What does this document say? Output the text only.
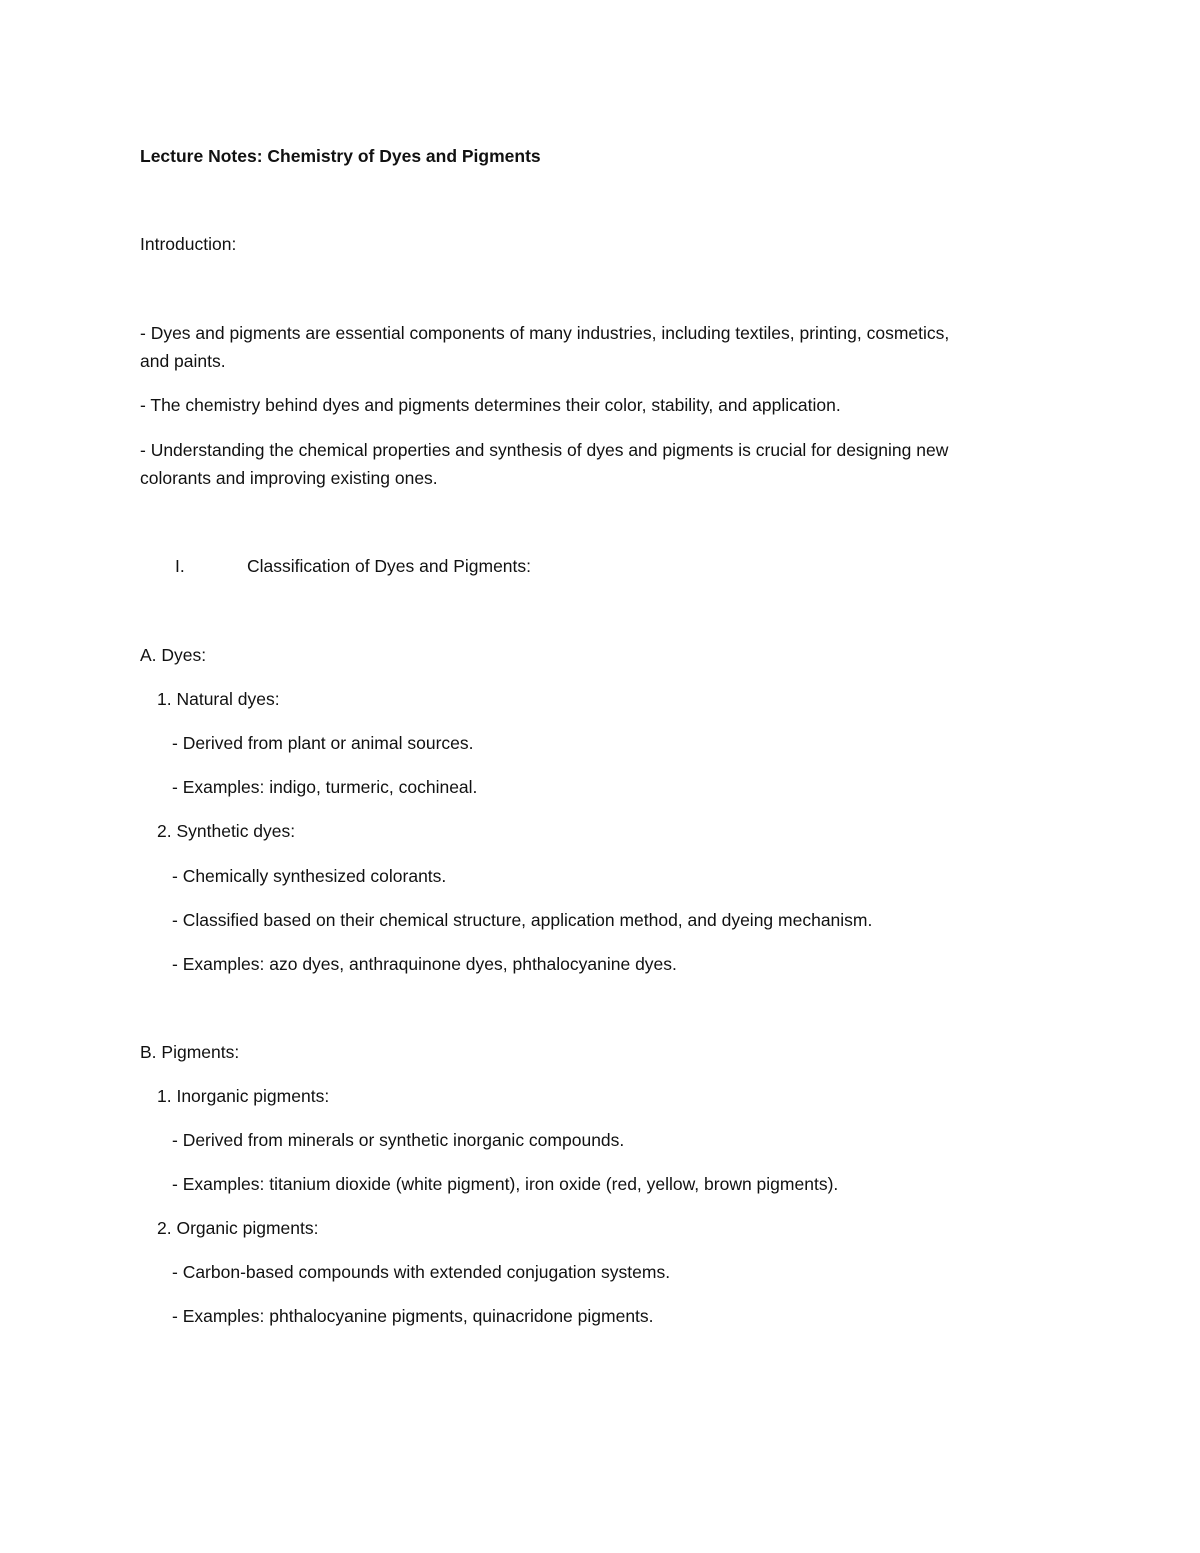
Lecture Notes: Chemistry of Dyes and Pigments
Introduction:
- Dyes and pigments are essential components of many industries, including textiles, printing, cosmetics,
and paints.
- The chemistry behind dyes and pigments determines their color, stability, and application.
- Understanding the chemical properties and synthesis of dyes and pigments is crucial for designing new
colorants and improving existing ones.
I.	Classification of Dyes and Pigments:
A. Dyes:
1. Natural dyes:
- Derived from plant or animal sources.
- Examples: indigo, turmeric, cochineal.
2. Synthetic dyes:
- Chemically synthesized colorants.
- Classified based on their chemical structure, application method, and dyeing mechanism.
- Examples: azo dyes, anthraquinone dyes, phthalocyanine dyes.
B. Pigments:
1. Inorganic pigments:
- Derived from minerals or synthetic inorganic compounds.
- Examples: titanium dioxide (white pigment), iron oxide (red, yellow, brown pigments).
2. Organic pigments:
- Carbon-based compounds with extended conjugation systems.
- Examples: phthalocyanine pigments, quinacridone pigments.
